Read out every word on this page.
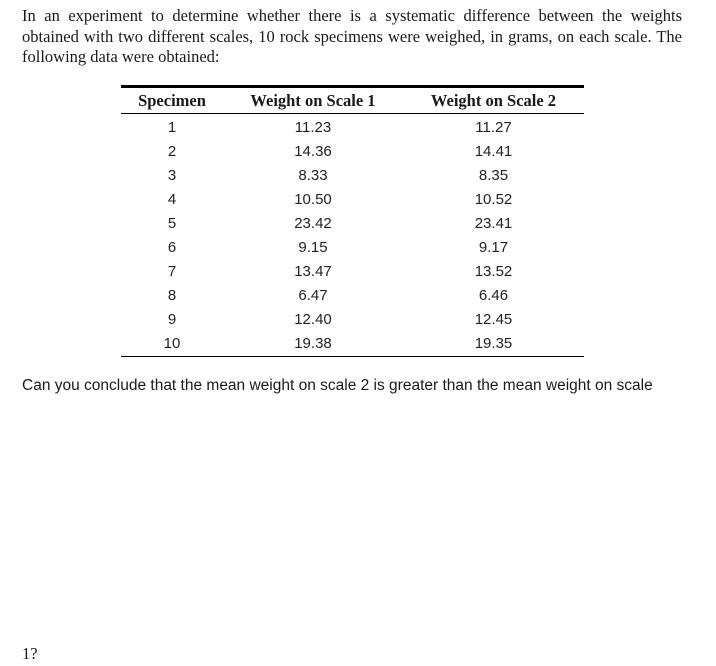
In an experiment to determine whether there is a systematic difference between the weights obtained with two different scales, 10 rock specimens were weighed, in grams, on each scale. The following data were obtained:

Specimen	Weight on Scale 1	Weight on Scale 2
1	11.23	11.27
2	14.36	14.41
3	8.33	8.35
4	10.50	10.52
5	23.42	23.41
6	9.15	9.17
7	13.47	13.52
8	6.47	6.46
9	12.40	12.45
10	19.38	19.35

Can you conclude that the mean weight on scale 2 is greater than the mean weight on scale

1?
